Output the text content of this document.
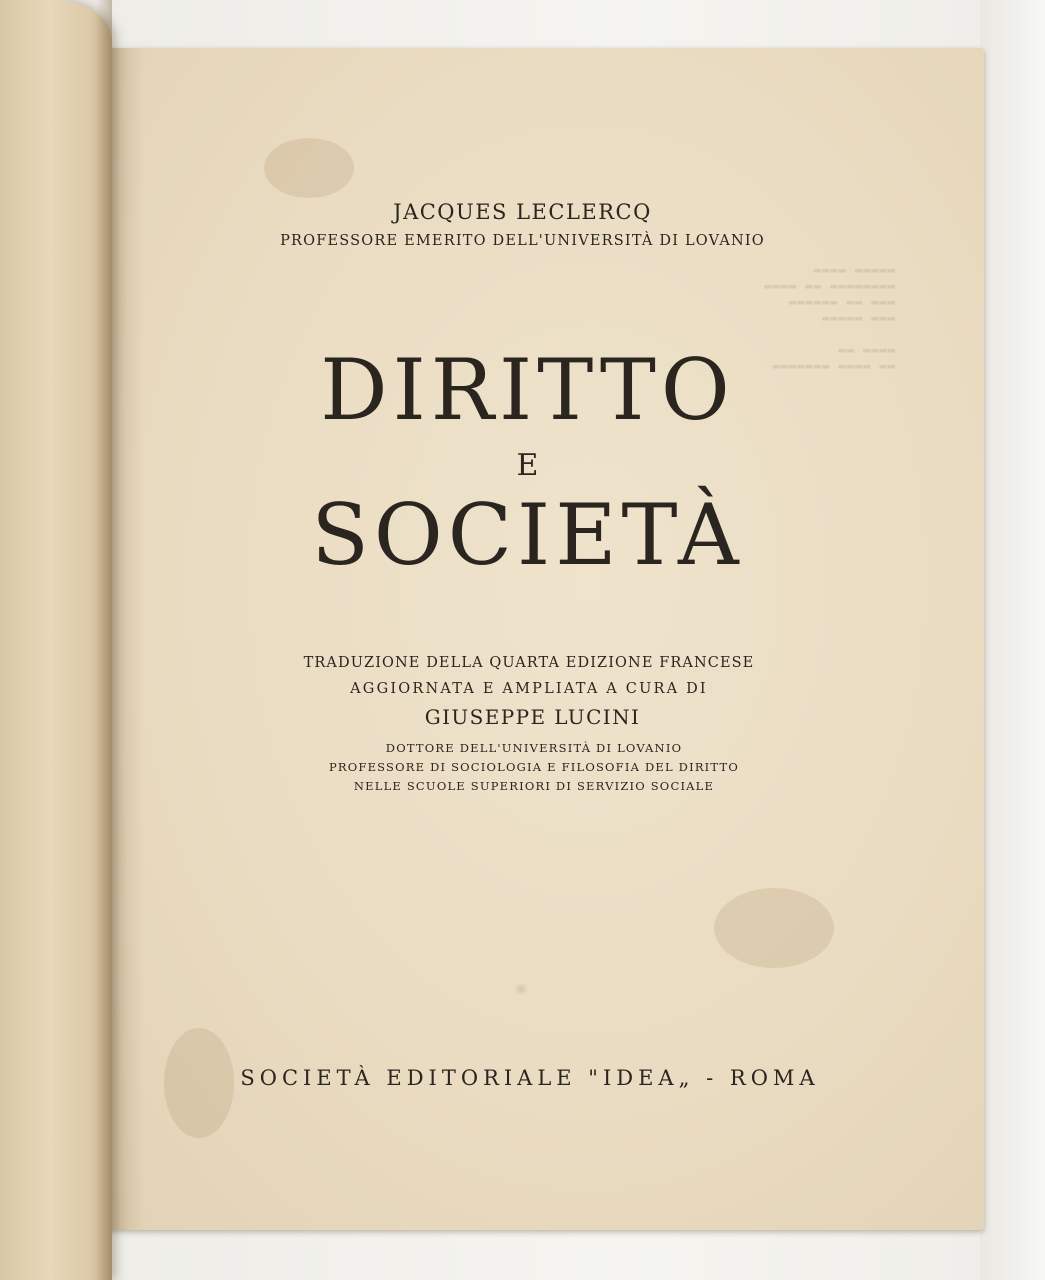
▬▬▬▬▬ ▬▬▬▬
▬▬▬▬▬▬▬▬ ▬▬ ▬▬▬▬
▬▬▬ ▬▬ ▬▬▬▬▬▬
▬▬▬ ▬▬▬▬▬
▬▬▬▬ ▬▬
▬▬ ▬▬▬▬ ▬▬▬▬▬▬▬
JACQUES LECLERCQ
PROFESSORE EMERITO DELL'UNIVERSITÀ DI LOVANIO
DIRITTO
E
SOCIETÀ
TRADUZIONE DELLA QUARTA EDIZIONE FRANCESE
AGGIORNATA E AMPLIATA A CURA DI
GIUSEPPE LUCINI
DOTTORE DELL'UNIVERSITÀ DI LOVANIO
PROFESSORE DI SOCIOLOGIA E FILOSOFIA DEL DIRITTO
NELLE SCUOLE SUPERIORI DI SERVIZIO SOCIALE
SOCIETÀ EDITORIALE "IDEA„ - ROMA
